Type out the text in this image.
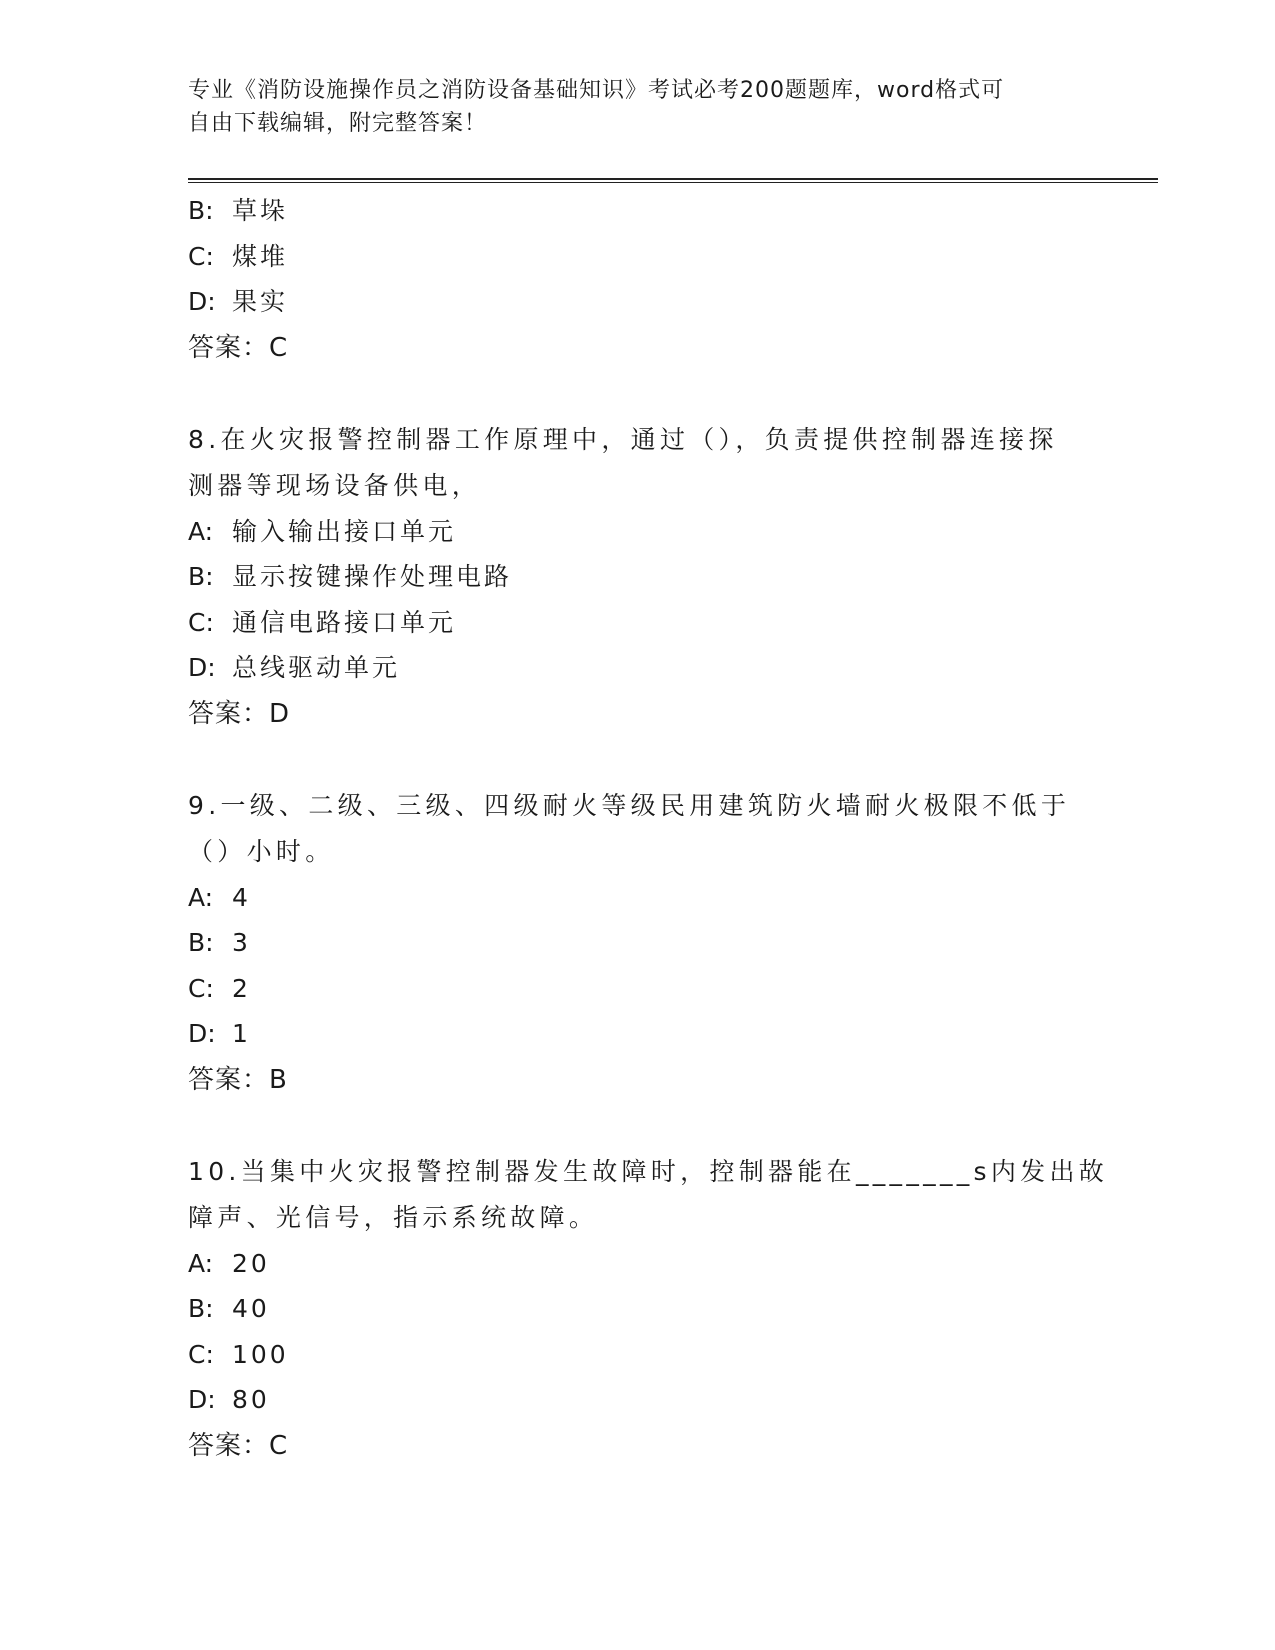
专业《消防设施操作员之消防设备基础知识》考试必考200题题库，word格式可
自由下载编辑，附完整答案！
B: 草垛
C: 煤堆
D: 果实
答案：C
8.在火灾报警控制器工作原理中，通过（），负责提供控制器连接探
测器等现场设备供电，
A: 输入输出接口单元
B: 显示按键操作处理电路
C: 通信电路接口单元
D: 总线驱动单元
答案：D
9.一级、二级、三级、四级耐火等级民用建筑防火墙耐火极限不低于
（）小时。
A: 4
B: 3
C: 2
D: 1
答案：B
10.当集中火灾报警控制器发生故障时，控制器能在_______s内发出故
障声、光信号，指示系统故障。
A: 20
B: 40
C: 100
D: 80
答案：C
